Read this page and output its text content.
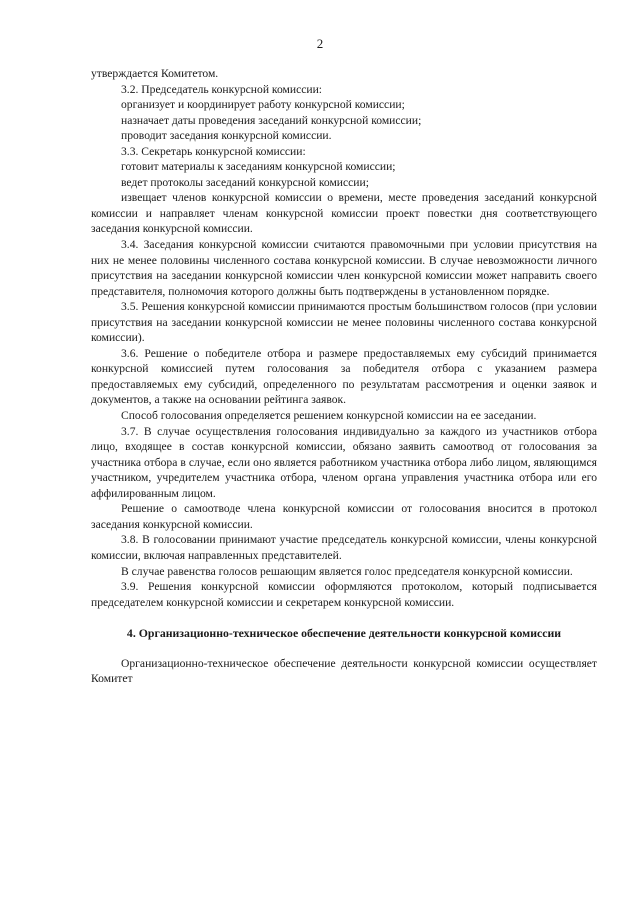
2

утверждается Комитетом.

3.2. Председатель конкурсной комиссии:

организует и координирует работу конкурсной комиссии;

назначает даты проведения заседаний конкурсной комиссии;

проводит заседания конкурсной комиссии.

3.3. Секретарь конкурсной комиссии:

готовит материалы к заседаниям конкурсной комиссии;

ведет протоколы заседаний конкурсной комиссии;

извещает членов конкурсной комиссии о времени, месте проведения заседаний конкурсной комиссии и направляет членам конкурсной комиссии проект повестки дня соответствующего заседания конкурсной комиссии.

3.4. Заседания конкурсной комиссии считаются правомочными при условии присутствия на них не менее половины численного состава конкурсной комиссии. В случае невозможности личного присутствия на заседании конкурсной комиссии член конкурсной комиссии может направить своего представителя, полномочия которого должны быть подтверждены в установленном порядке.

3.5. Решения конкурсной комиссии принимаются простым большинством голосов (при условии присутствия на заседании конкурсной комиссии не менее половины численного состава конкурсной комиссии).

3.6. Решение о победителе отбора и размере предоставляемых ему субсидий принимается конкурсной комиссией путем голосования за победителя отбора с указанием размера предоставляемых ему субсидий, определенного по результатам рассмотрения и оценки заявок и документов, а также на основании рейтинга заявок.

Способ голосования определяется решением конкурсной комиссии на ее заседании.

3.7. В случае осуществления голосования индивидуально за каждого из участников отбора лицо, входящее в состав конкурсной комиссии, обязано заявить самоотвод от голосования за участника отбора в случае, если оно является работником участника отбора либо лицом, являющимся участником, учредителем участника отбора, членом органа управления участника отбора или его аффилированным лицом.

Решение о самоотводе члена конкурсной комиссии от голосования вносится в протокол заседания конкурсной комиссии.

3.8. В голосовании принимают участие председатель конкурсной комиссии, члены конкурсной комиссии, включая направленных представителей.

В случае равенства голосов решающим является голос председателя конкурсной комиссии.

3.9. Решения конкурсной комиссии оформляются протоколом, который подписывается председателем конкурсной комиссии и секретарем конкурсной комиссии.

4. Организационно-техническое обеспечение деятельности конкурсной комиссии

Организационно-техническое обеспечение деятельности конкурсной комиссии осуществляет Комитет
